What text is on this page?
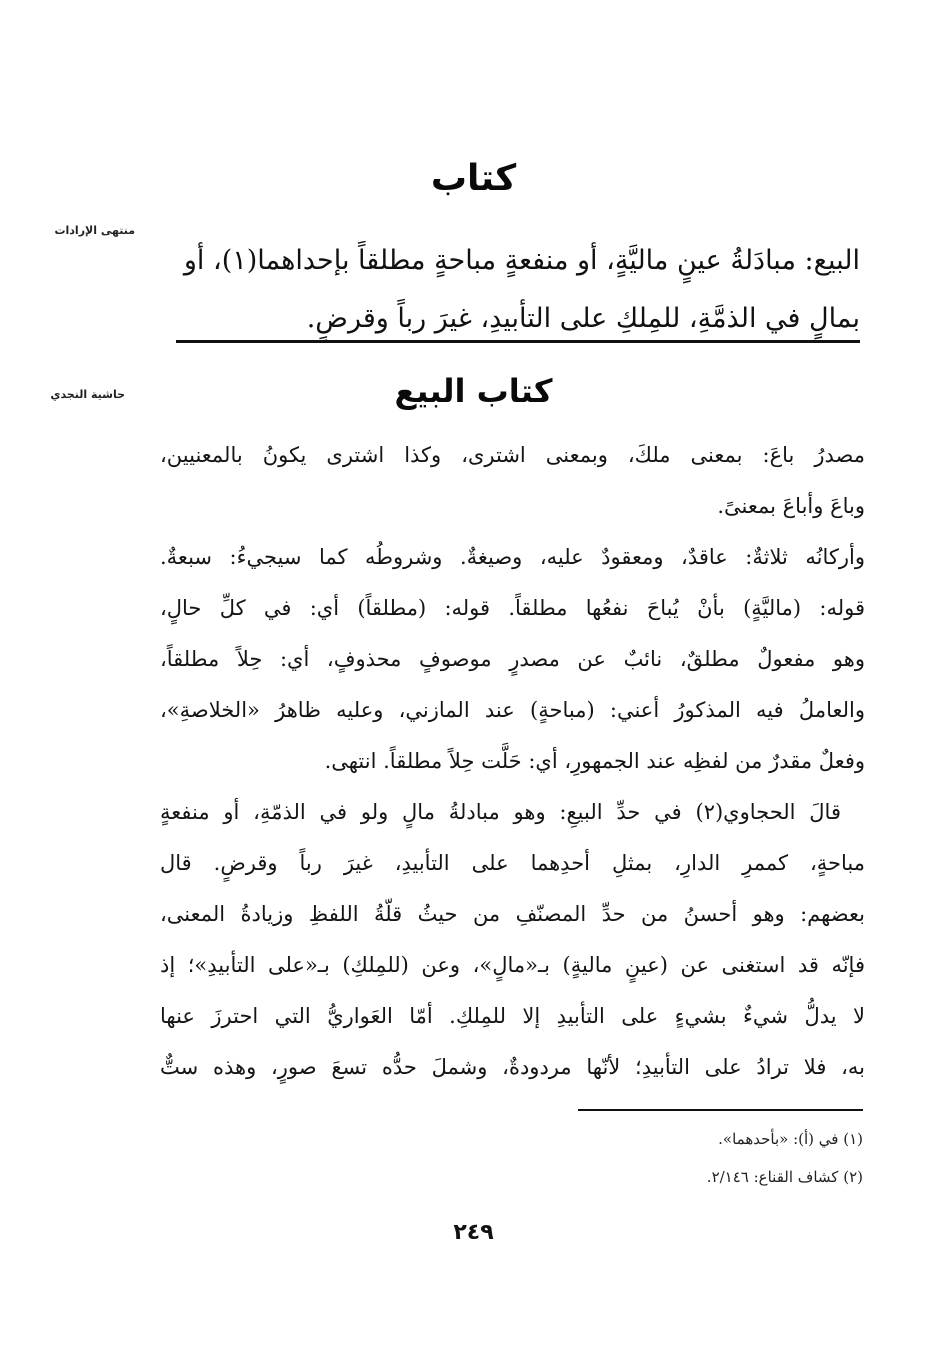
كتاب
منتهى الإرادات
البيع: مبادَلةُ عينٍ ماليَّةٍ، أو منفعةٍ مباحةٍ مطلقاً بإحداهما(١)، أو
بمالٍ في الذمَّةِ، للمِلكِ على التأبيدِ، غيرَ رباً وقرضٍ.
كتاب البيع
حاشية النجدي
مصدرُ باعَ: بمعنى ملكَ، وبمعنى اشترى، وكذا اشترى يكونُ بالمعنيين،
وباعَ وأباعَ بمعنىً.
وأركانُه ثلاثةٌ: عاقدٌ، ومعقودٌ عليه، وصيغةٌ. وشروطُه كما سيجيءُ: سبعةٌ.
قوله: (ماليَّةٍ) بأنْ يُباحَ نفعُها مطلقاً. قوله: (مطلقاً) أي: في كلِّ حالٍ،
وهو مفعولٌ مطلقٌ، نائبٌ عن مصدرٍ موصوفٍ محذوفٍ، أي: حِلاً مطلقاً،
والعاملُ فيه المذكورُ أعني: (مباحةٍ) عند المازني، وعليه ظاهرُ «الخلاصةِ»،
وفعلٌ مقدرٌ من لفظِه عند الجمهورِ، أي: حَلَّت حِلاً مطلقاً. انتهى.
قالَ الحجاوي(٢) في حدِّ البيعِ: وهو مبادلةُ مالٍ ولو في الذمّةِ، أو منفعةٍ
مباحةٍ، كممرِ الدارِ، بمثلِ أحدِهما على التأبيدِ، غيرَ رباً وقرضٍ. قال
بعضهم: وهو أحسنُ من حدِّ المصنّفِ من حيثُ قلّةُ اللفظِ وزيادةُ المعنى،
فإنّه قد استغنى عن (عينٍ ماليةٍ) بـ«مالٍ»، وعن (للمِلكِ) بـ«على التأبيدِ»؛ إذ
لا يدلُّ شيءٌ بشيءٍ على التأبيدِ إلا للمِلكِ. أمّا العَواريُّ التي احترزَ عنها
به، فلا ترادُ على التأبيدِ؛ لأنّها مردودةٌ، وشملَ حدُّه تسعَ صورٍ، وهذه ستٌّ
(١) في (أ): «بأحدهما».
(٢) كشاف القناع: ٢/١٤٦.
٢٤٩
